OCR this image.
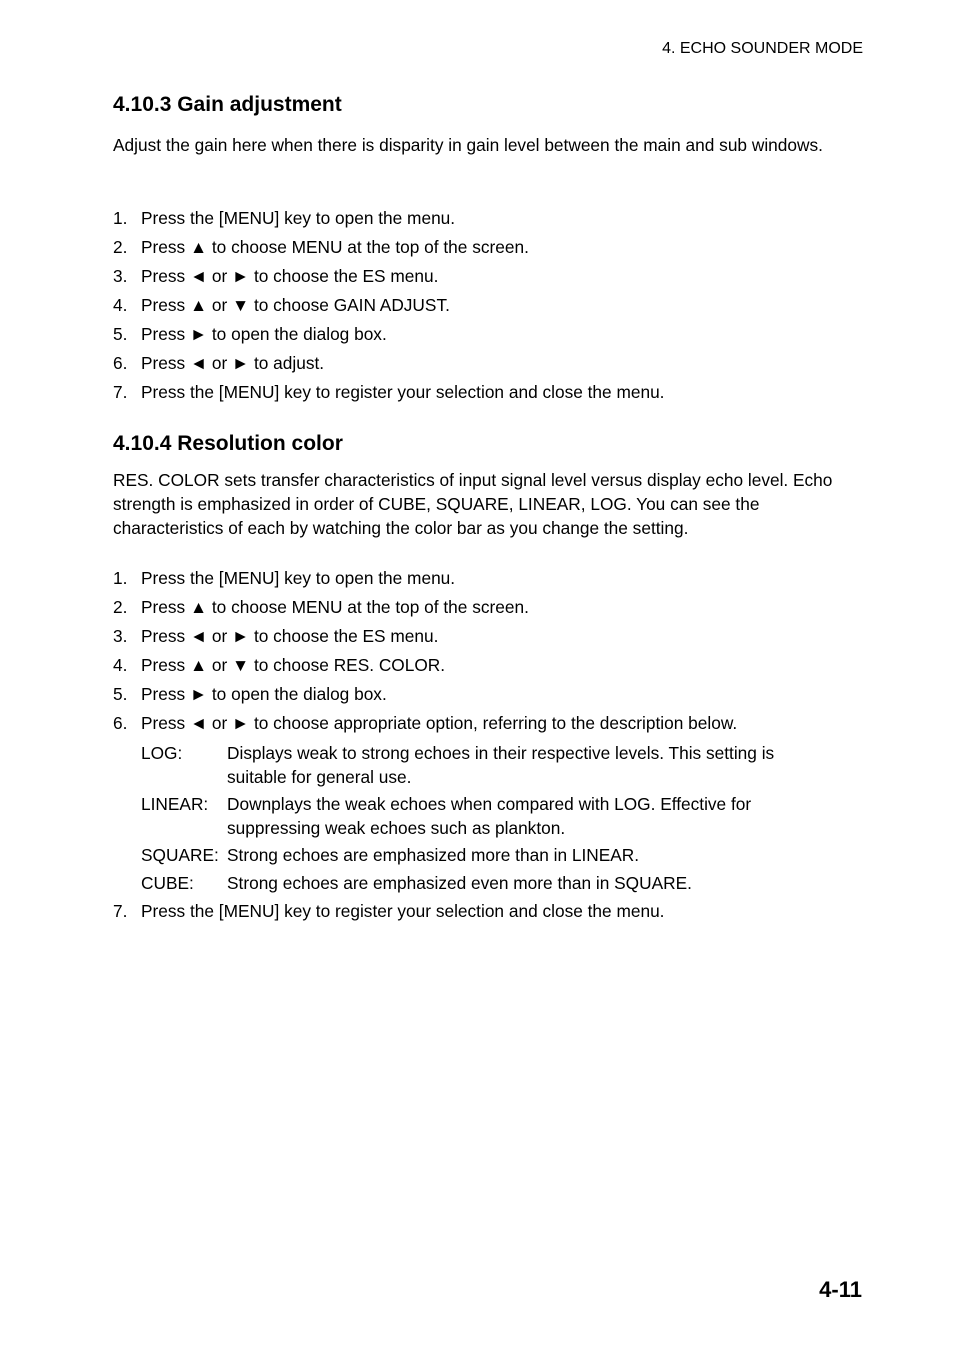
4. ECHO SOUNDER MODE
4.10.3 Gain adjustment
Adjust the gain here when there is disparity in gain level between the main and sub windows.
1. Press the [MENU] key to open the menu.
2. Press ▲ to choose MENU at the top of the screen.
3. Press ◄ or ► to choose the ES menu.
4. Press ▲ or ▼ to choose GAIN ADJUST.
5. Press ► to open the dialog box.
6. Press ◄ or ► to adjust.
7. Press the [MENU] key to register your selection and close the menu.
4.10.4 Resolution color
RES. COLOR sets transfer characteristics of input signal level versus display echo level. Echo strength is emphasized in order of CUBE, SQUARE, LINEAR, LOG. You can see the characteristics of each by watching the color bar as you change the setting.
1. Press the [MENU] key to open the menu.
2. Press ▲ to choose MENU at the top of the screen.
3. Press ◄ or ► to choose the ES menu.
4. Press ▲ or ▼ to choose RES. COLOR.
5. Press ► to open the dialog box.
6. Press ◄ or ► to choose appropriate option, referring to the description below.
LOG:	Displays weak to strong echoes in their respective levels. This setting is suitable for general use.
LINEAR: Downplays the weak echoes when compared with LOG. Effective for suppressing weak echoes such as plankton.
SQUARE: Strong echoes are emphasized more than in LINEAR.
CUBE: Strong echoes are emphasized even more than in SQUARE.
7. Press the [MENU] key to register your selection and close the menu.
4-11
